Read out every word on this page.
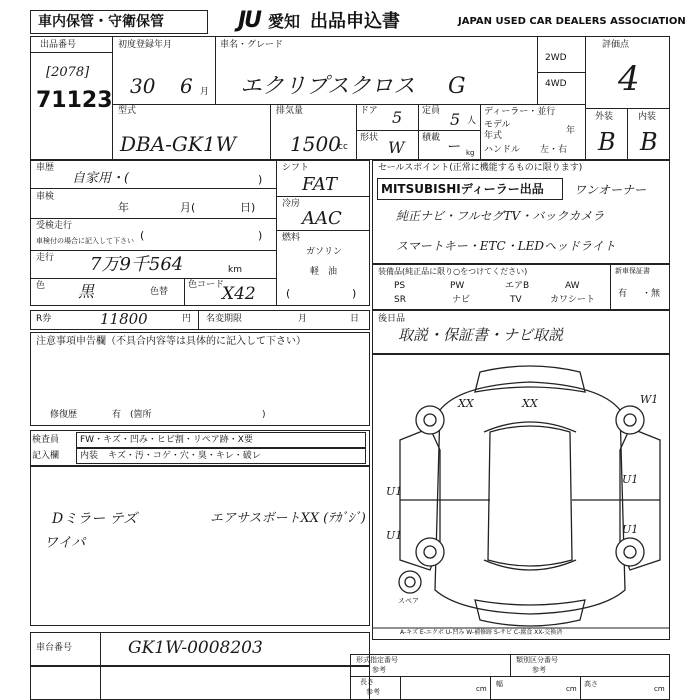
車内保管・守衛保管	JU 愛知 出品申込書	JAPAN USED CAR DEALERS ASSOCIATION
出品番号
[2078]
71123
初度登録年月
30 6 月
車名・グレード
エクリプスクロス G
2WD
4WD
評価点
4
外装	内装
B B
型式
DBA-GK1W
排気量
1500
cc
ドア 5 定員 5 人
形状 W 積載
ー kg
ディーラー・並行
モデル
年式	年
ハンドル 左・右
車歴
自家用・(	)
車検
年	月(	日)
受検走行
車検付の場合に記入して下さい (	)
走行 7万9千564	km
色 黒	色替
色コード
X42
シフト
FAT
冷房
AAC
燃料
ガソリン
軽　油
(	)
セールスポイント(正常に機能するものに限ります)
MITSUBISHIディーラー出品	ワンオーナー
純正ナビ・フルセグTV・バックカメラ
スマートキー・ETC・LEDヘッドライト
装備品(純正品に限り○をつけてください)	新車保証書
PS	PW	エアB	AW
SR	ナビ	TV	カワシート
有 ・無
R券	11800	円 名変期限	月	日 後日品
取説・保証書・ナビ取説
注意事項申告欄（不具合内容等は具体的に記入して下さい）
修復歴	有　(箇所	)
検査員
記入欄
FW・キズ・凹み・ヒビ割・リペア跡・X要
内装 キズ・汚・コゲ・穴・臭・キレ・破レ
Dミラー テズ
ワイパ
エアサスボートXX (ﾃｶﾞｼﾞ)
XX	XX
U1
U1
U1
W1
U1
スペア
A-キズ E-エクボ U-凹み W-補修跡 S-サビ C-腐食 XX-交換済
車台番号	GK1W-0008203
形式指定番号
参考
類別区分番号
参考
長さ
参考	cm
幅
cm
高さ
cm
